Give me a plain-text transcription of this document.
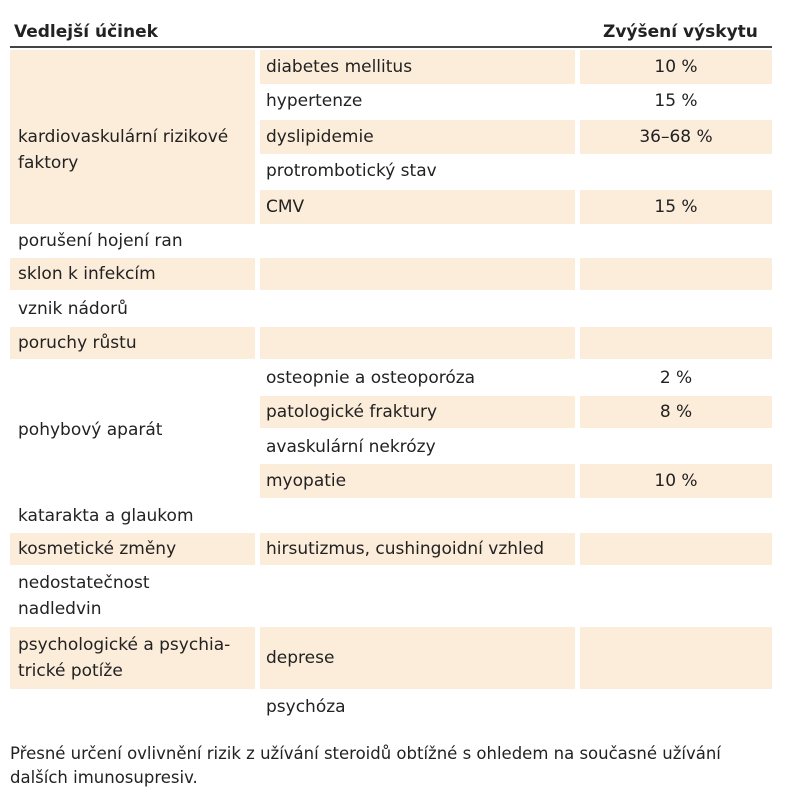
Vedlejší účinek	Zvýšení výskytu
kardiovaskulární rizikové
faktory
porušení hojení ran
sklon k infekcím
vznik nádorů
poruchy růstu
pohybový aparát
katarakta a glaukom
kosmetické změny
nedostatečnost
nadledvin
psychologické a psychia-
trické potíže
diabetes mellitus
hypertenze
dyslipidemie
protrombotický stav
CMV
osteopnie a osteoporóza
patologické fraktury
avaskulární nekrózy
myopatie
hirsutizmus, cushingoidní vzhled
deprese
psychóza
10 %
15 %
36–68 %
15 %
2 %
8 %
10 %
Přesné určení ovlivnění rizik z užívání steroidů obtížné s ohledem na současné užívání dalších imunosupresiv.
